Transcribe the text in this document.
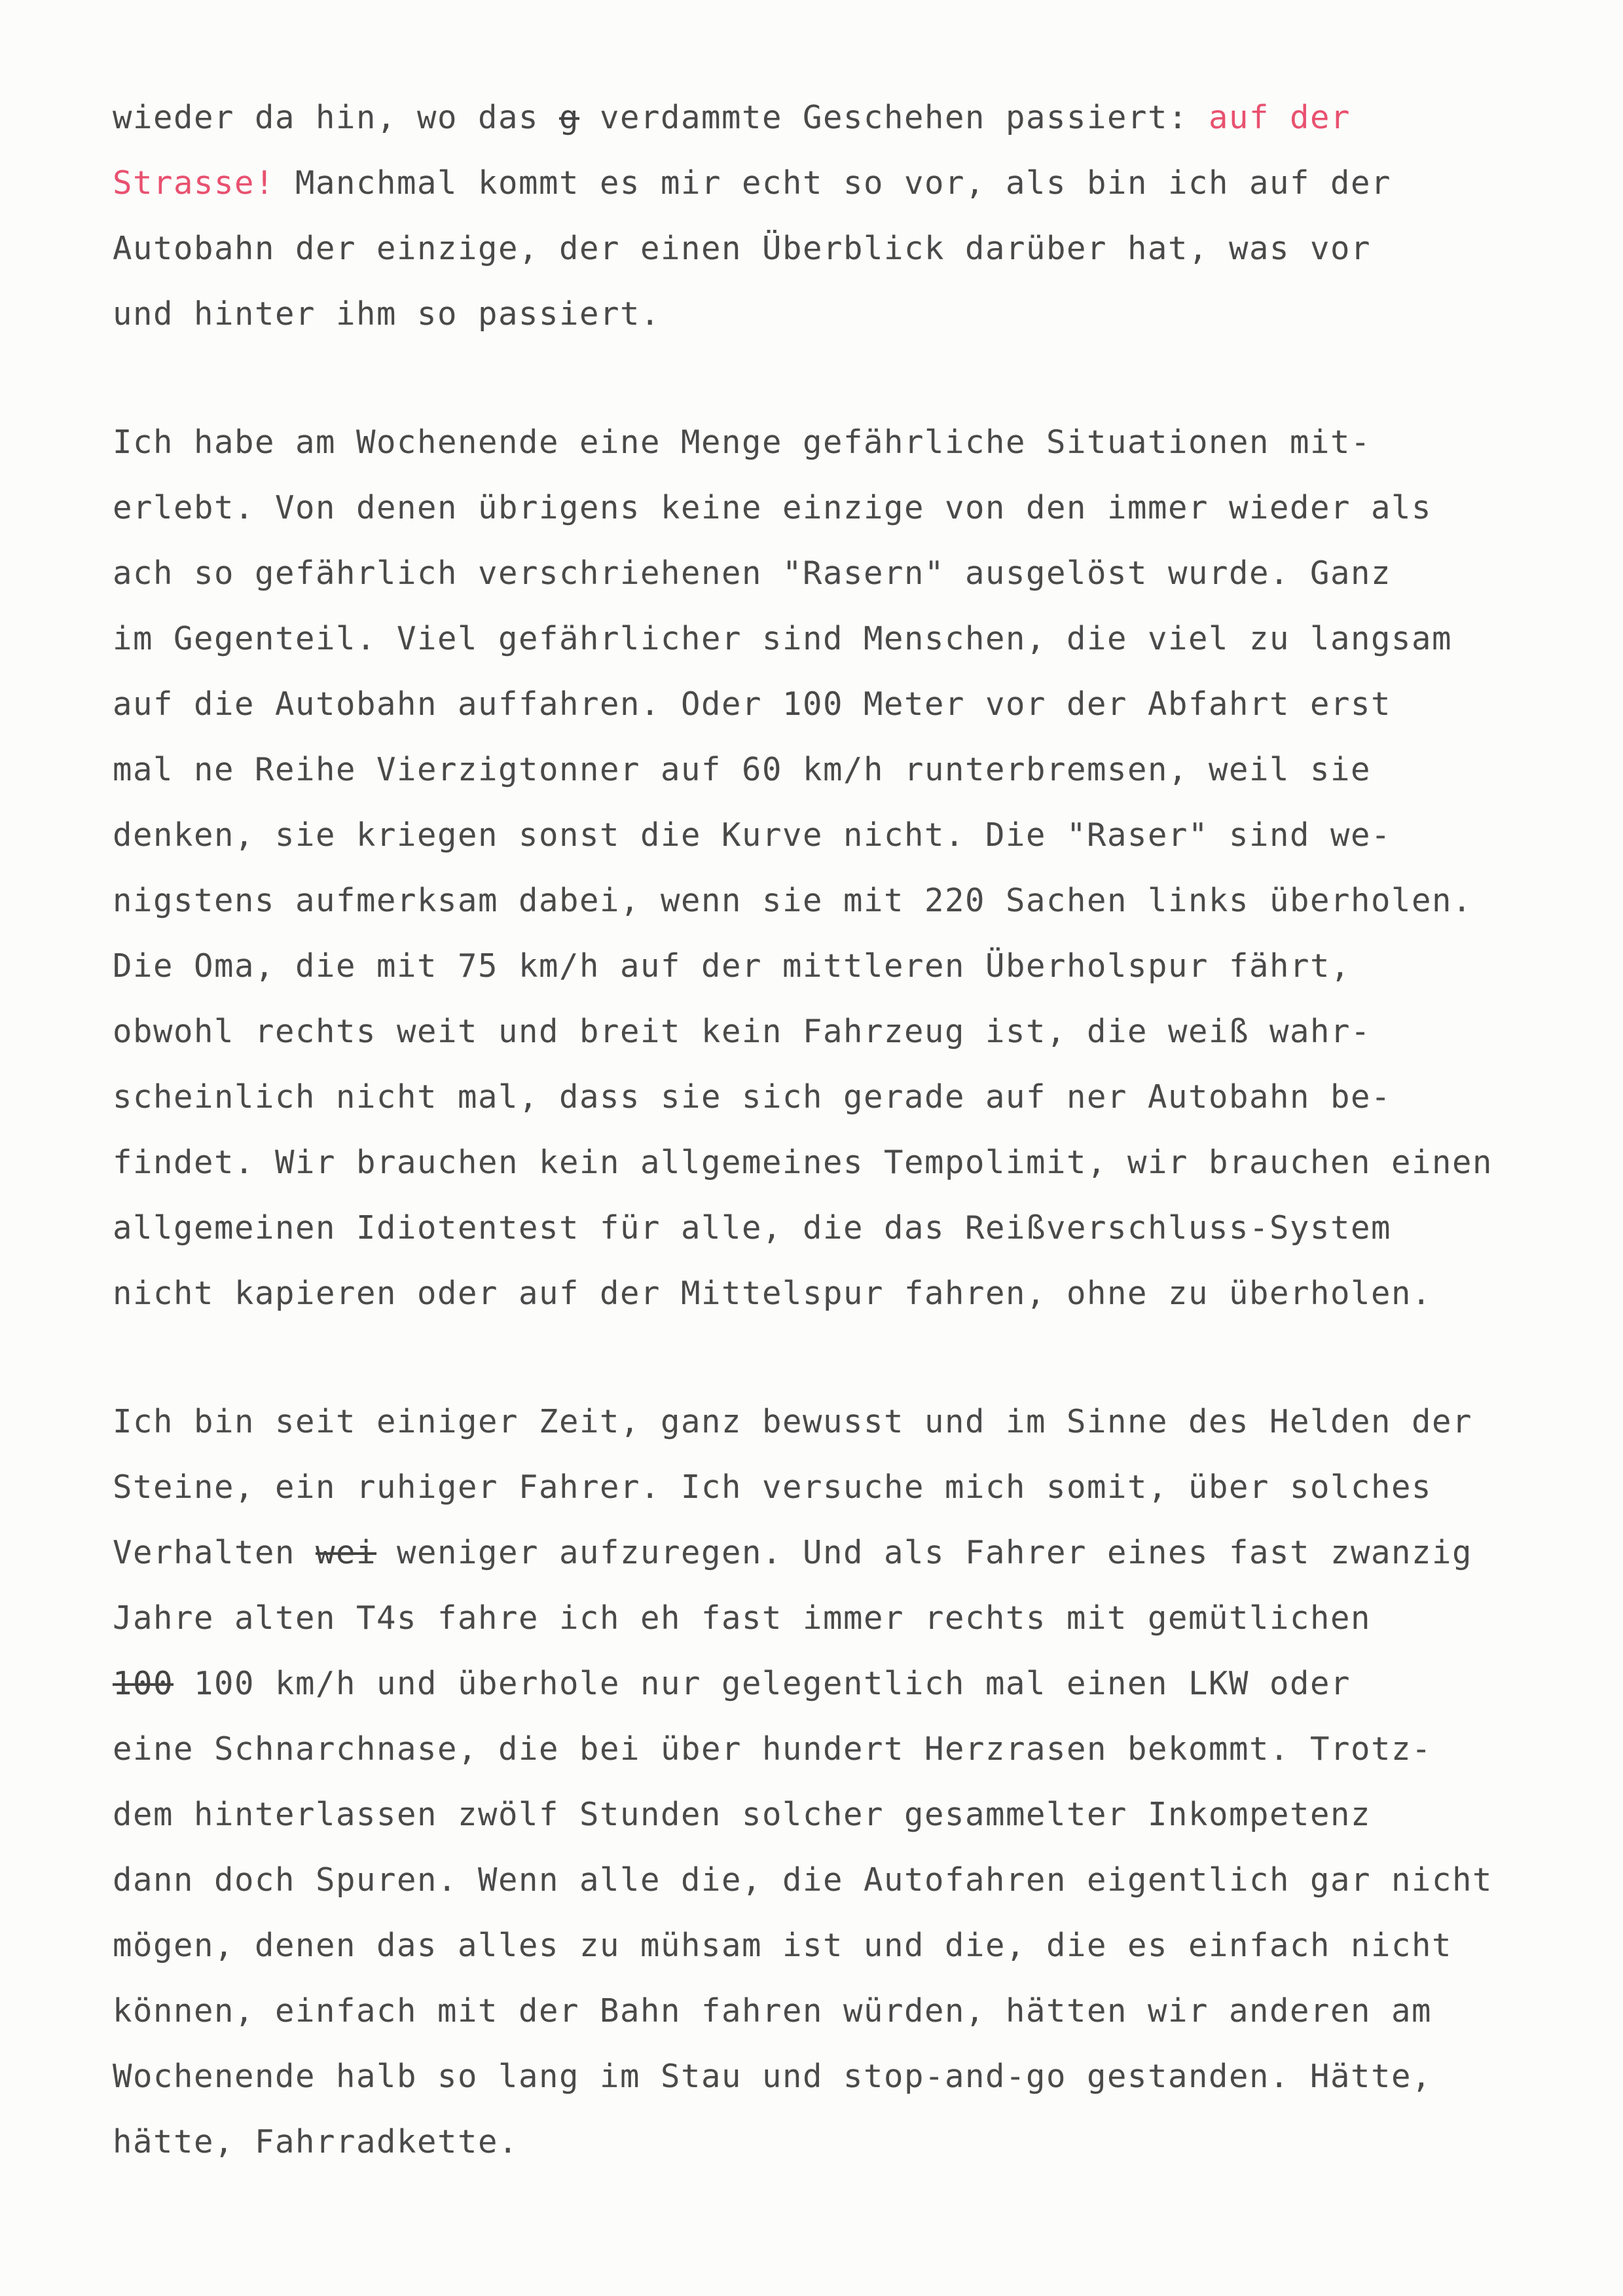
wieder da hin, wo das g verdammte Geschehen passiert: auf der
Strasse! Manchmal kommt es mir echt so vor, als bin ich auf der
Autobahn der einzige, der einen Überblick darüber hat, was vor
und hinter ihm so passiert.
Ich habe am Wochenende eine Menge gefährliche Situationen mit-
erlebt. Von denen übrigens keine einzige von den immer wieder als
ach so gefährlich verschriehenen "Rasern" ausgelöst wurde. Ganz
im Gegenteil. Viel gefährlicher sind Menschen, die viel zu langsam
auf die Autobahn auffahren. Oder 100 Meter vor der Abfahrt erst
mal ne Reihe Vierzigtonner auf 60 km/h runterbremsen, weil sie
denken, sie kriegen sonst die Kurve nicht. Die "Raser" sind we-
nigstens aufmerksam dabei, wenn sie mit 220 Sachen links überholen.
Die Oma, die mit 75 km/h auf der mittleren Überholspur fährt,
obwohl rechts weit und breit kein Fahrzeug ist, die weiß wahr-
scheinlich nicht mal, dass sie sich gerade auf ner Autobahn be-
findet. Wir brauchen kein allgemeines Tempolimit, wir brauchen einen
allgemeinen Idiotentest für alle, die das Reißverschluss-System
nicht kapieren oder auf der Mittelspur fahren, ohne zu überholen.
Ich bin seit einiger Zeit, ganz bewusst und im Sinne des Helden der
Steine, ein ruhiger Fahrer. Ich versuche mich somit, über solches
Verhalten wei weniger aufzuregen. Und als Fahrer eines fast zwanzig
Jahre alten T4s fahre ich eh fast immer rechts mit gemütlichen
100 100 km/h und überhole nur gelegentlich mal einen LKW oder
eine Schnarchnase, die bei über hundert Herzrasen bekommt. Trotz-
dem hinterlassen zwölf Stunden solcher gesammelter Inkompetenz
dann doch Spuren. Wenn alle die, die Autofahren eigentlich gar nicht
mögen, denen das alles zu mühsam ist und die, die es einfach nicht
können, einfach mit der Bahn fahren würden, hätten wir anderen am
Wochenende halb so lang im Stau und stop-and-go gestanden. Hätte,
hätte, Fahrradkette.
